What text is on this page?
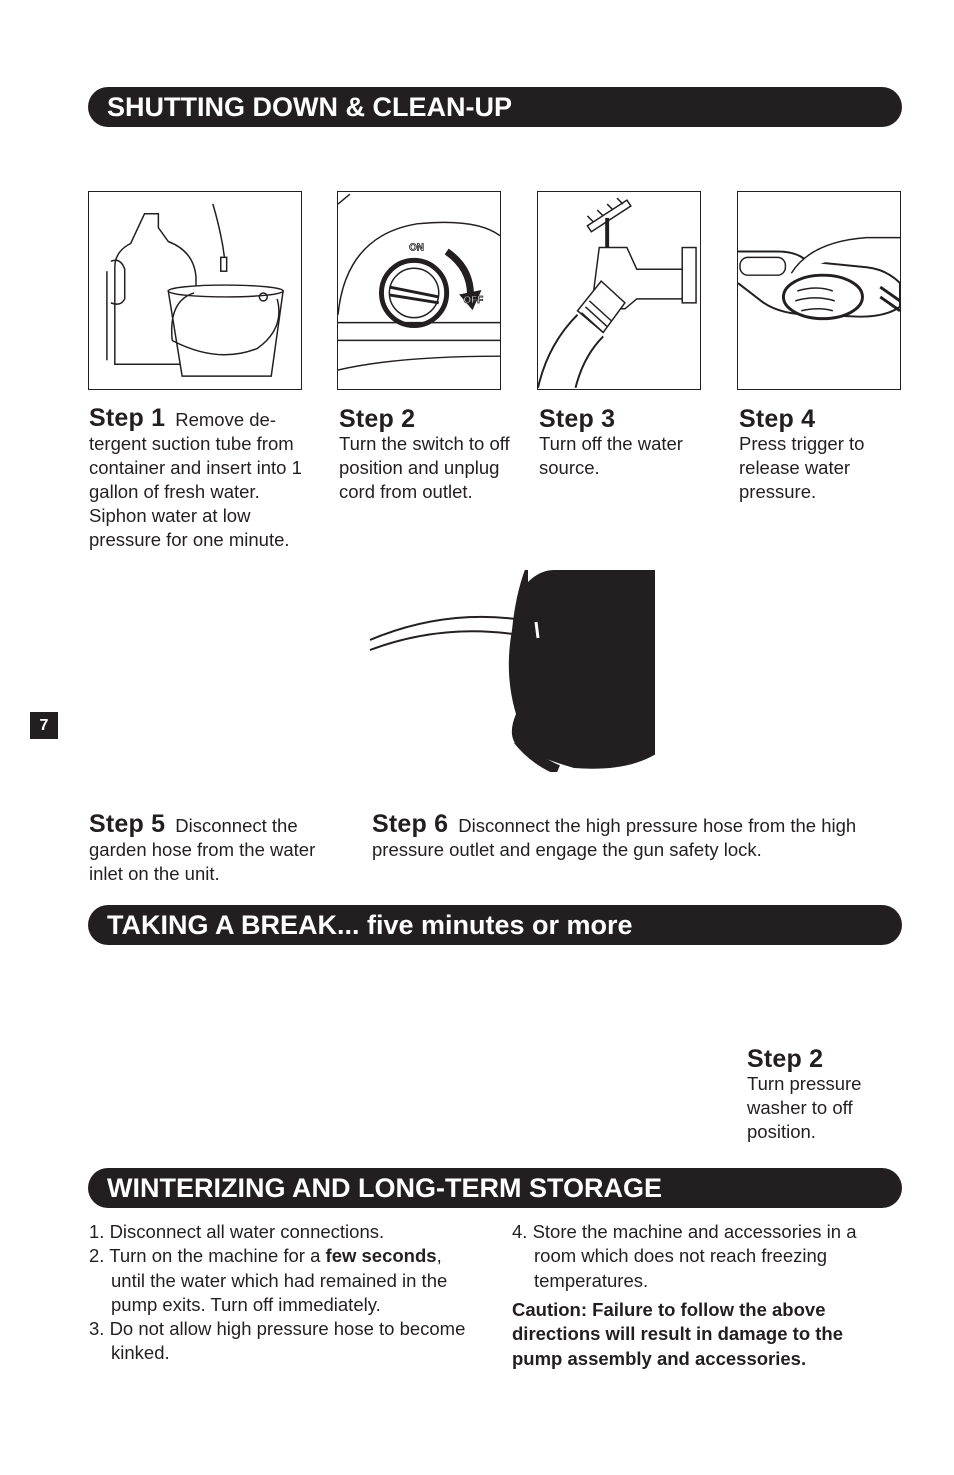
SHUTTING DOWN & CLEAN-UP
TAKING A BREAK... five minutes or more
WINTERIZING AND LONG-TERM STORAGE
ON
OFF
Step 1 Remove de-tergent suction tube from container and insert into 1 gallon of fresh water. Siphon water at low pressure for one minute.
Step 2
Turn the switch to off position and unplug cord from outlet.
Step 3
Turn off the water source.
Step 4
Press trigger to release water pressure.
7
Step 5 Disconnect the garden hose from the water inlet on the unit.
Step 6 Disconnect the high pressure hose from the high pressure outlet and engage the gun safety lock.
Step 2
Turn pressure washer to off position.
1. Disconnect all water connections.
2. Turn on the machine for a few seconds, until the water which had remained in the pump exits. Turn off immediately.
3. Do not allow high pressure hose to become kinked.
4. Store the machine and accessories in a room which does not reach freezing temperatures.
Caution: Failure to follow the above directions will result in damage to the pump assembly and accessories.
